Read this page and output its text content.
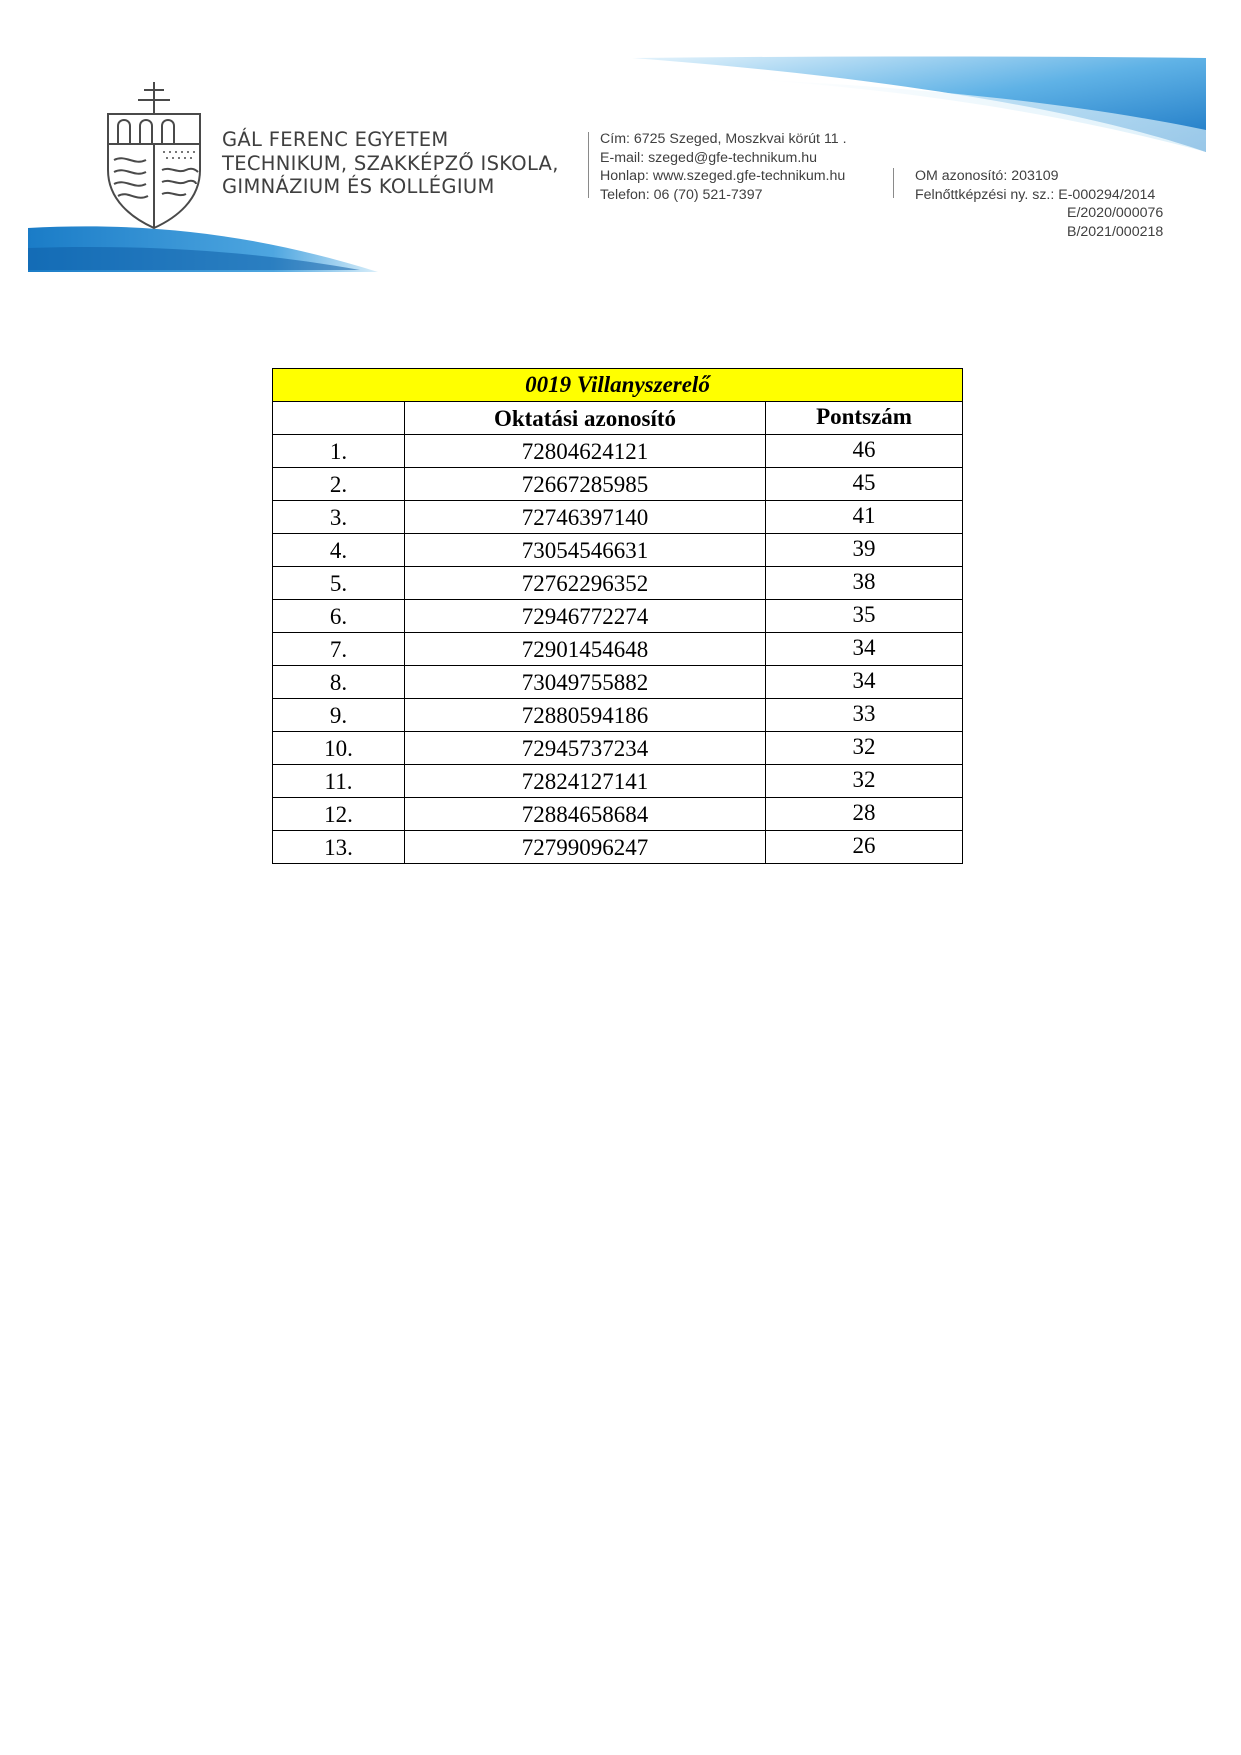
GÁL FERENC EGYETEM
TECHNIKUM, SZAKKÉPZŐ ISKOLA,
GIMNÁZIUM ÉS KOLLÉGIUM
Cím: 6725 Szeged, Moszkvai körút 11 .
E-mail: szeged@gfe-technikum.hu
Honlap: www.szeged.gfe-technikum.hu
Telefon: 06 (70) 521-7397
OM azonosító: 203109
Felnőttképzési ny. sz.: E-000294/2014
E/2020/000076
B/2021/000218
0019 Villanyszerelő		
	Oktatási azonosító	Pontszám
1.	72804624121	46
2.	72667285985	45
3.	72746397140	41
4.	73054546631	39
5.	72762296352	38
6.	72946772274	35
7.	72901454648	34
8.	73049755882	34
9.	72880594186	33
10.	72945737234	32
11.	72824127141	32
12.	72884658684	28
13.	72799096247	26
